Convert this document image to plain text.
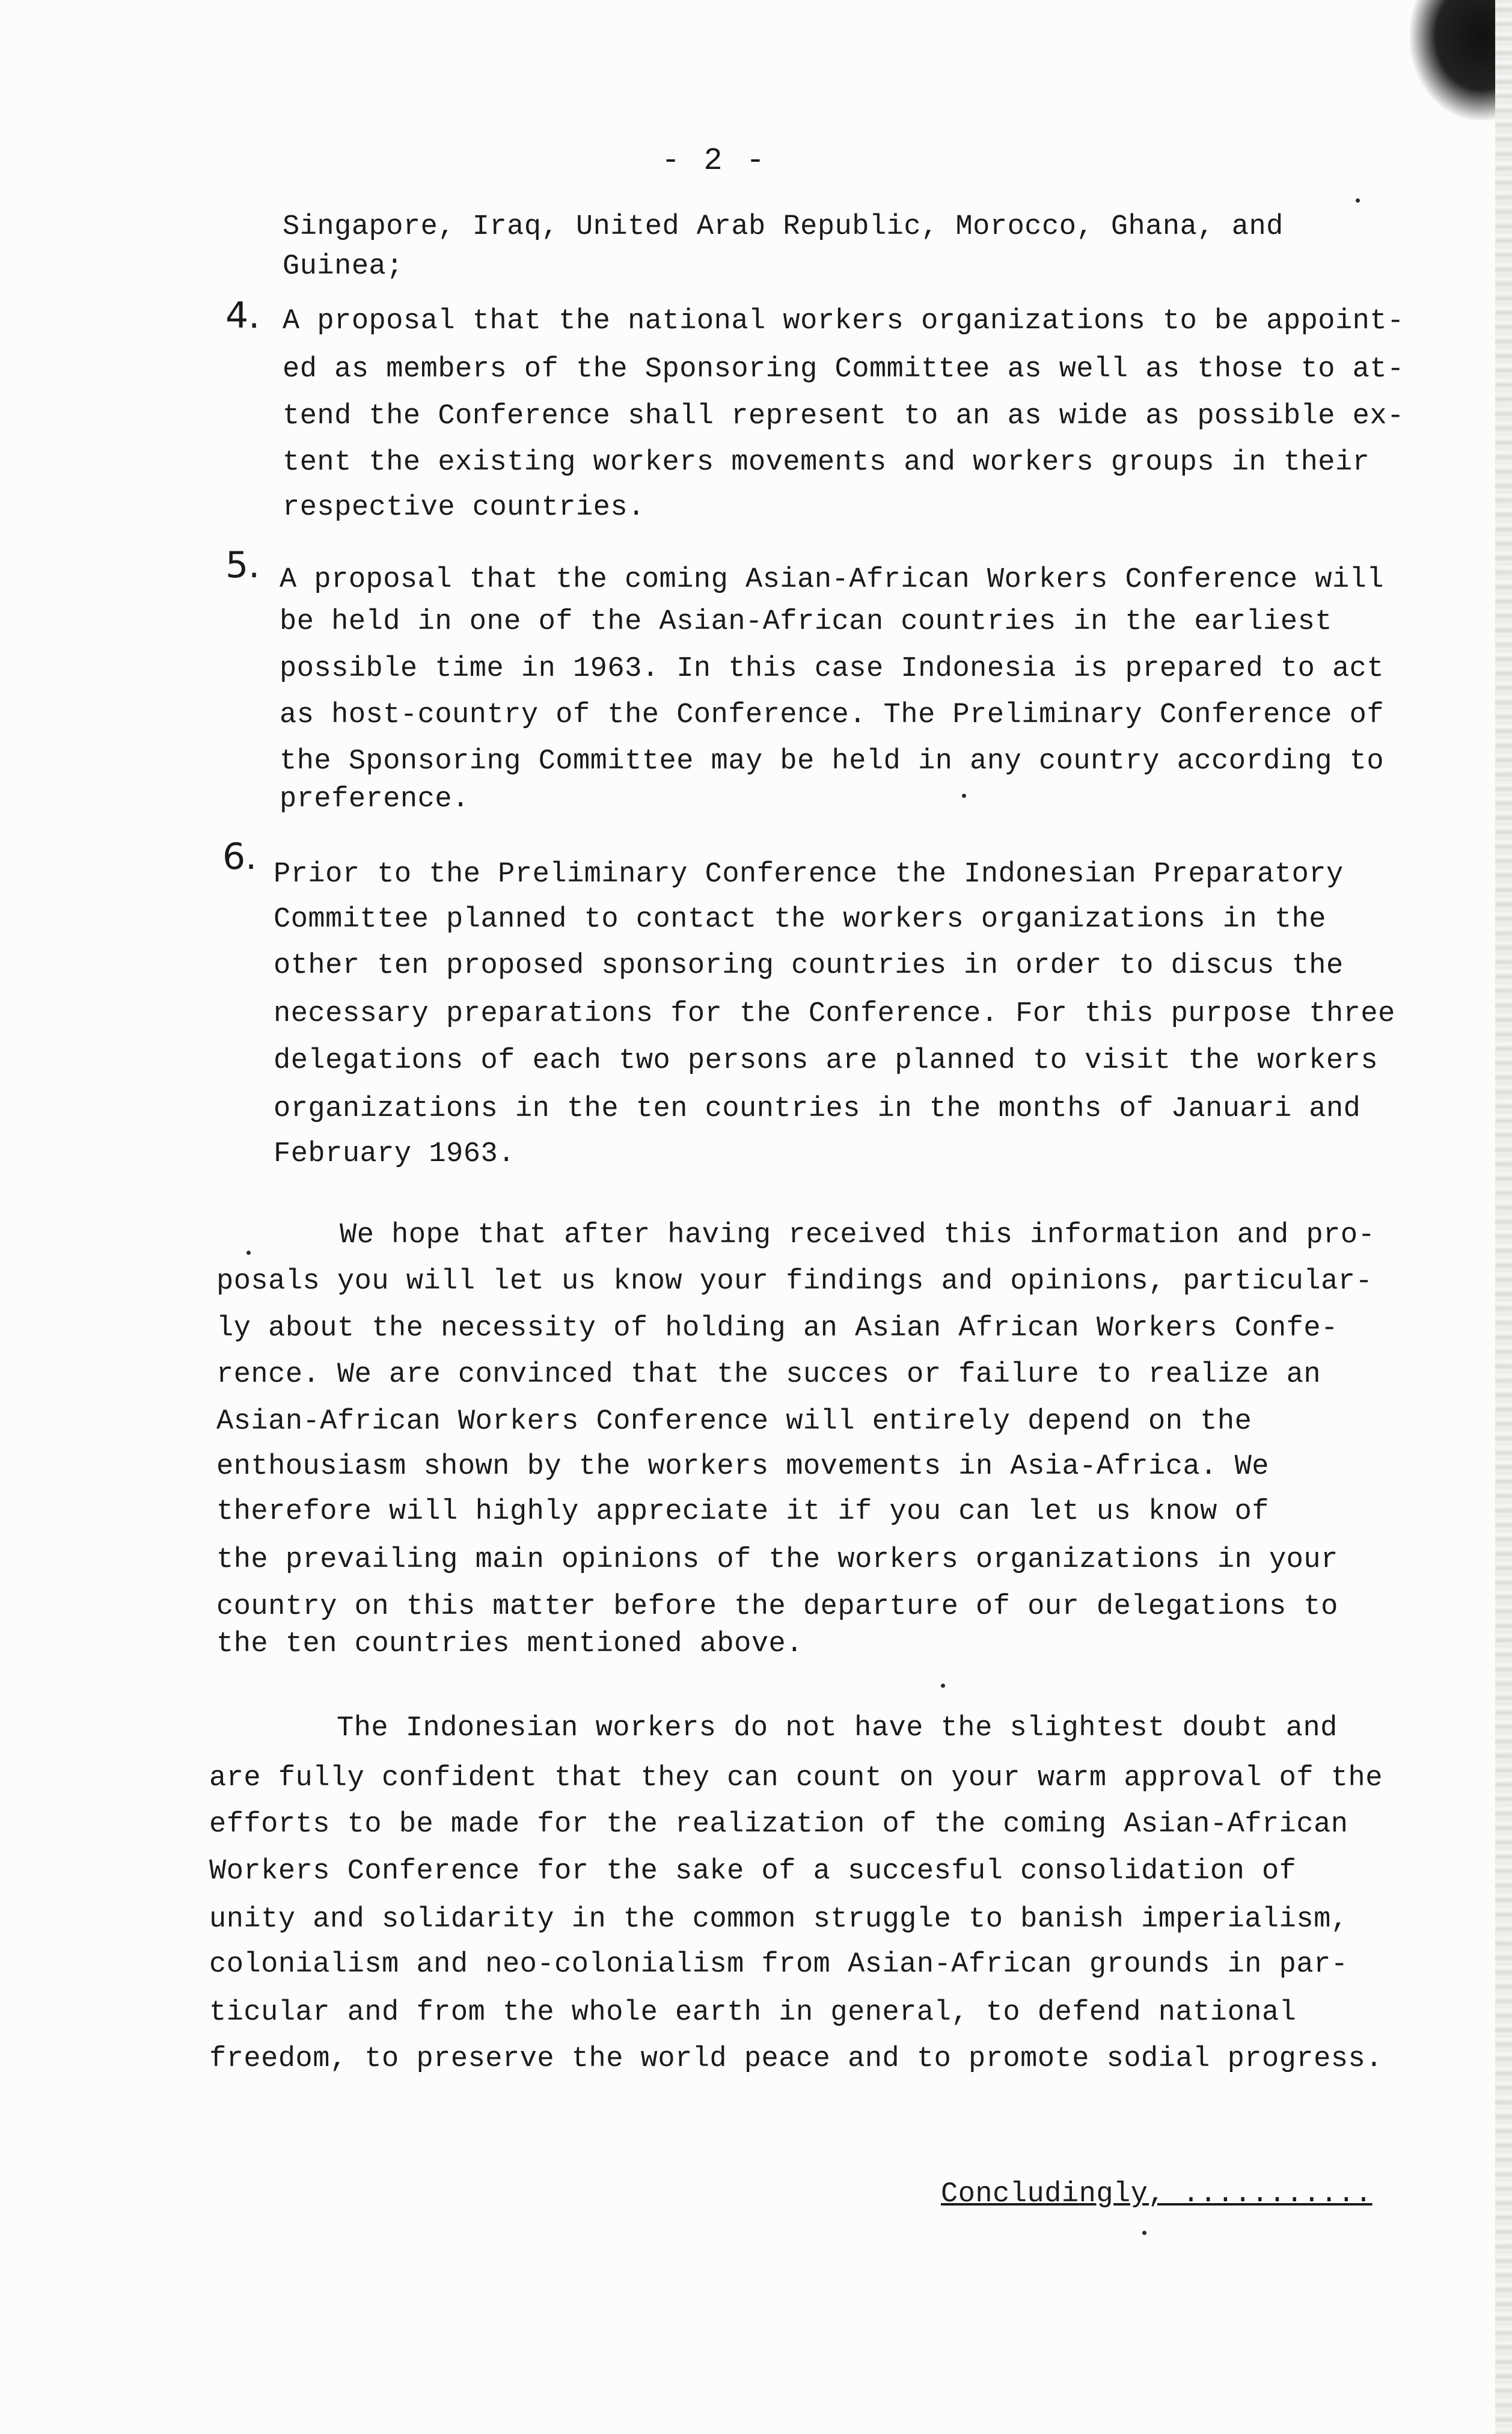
- 2 -
Singapore, Iraq, United Arab Republic, Morocco, Ghana, and
Guinea;
4. A proposal that the national workers organizations to be appoint-
ed as members of the Sponsoring Committee as well as those to at-
tend the Conference shall represent to an as wide as possible ex-
tent the existing workers movements and workers groups in their
respective countries.
5. A proposal that the coming Asian-African Workers Conference will
be held in one of the Asian-African countries in the earliest
possible time in 1963. In this case Indonesia is prepared to act
as host-country of the Conference. The Preliminary Conference of
the Sponsoring Committee may be held in any country according to
preference.
6. Prior to the Preliminary Conference the Indonesian Preparatory
Committee planned to contact the workers organizations in the
other ten proposed sponsoring countries in order to discus the
necessary preparations for the Conference. For this purpose three
delegations of each two persons are planned to visit the workers
organizations in the ten countries in the months of Januari and
February 1963.
We hope that after having received this information and pro-
posals you will let us know your findings and opinions, particular-
ly about the necessity of holding an Asian African Workers Confe-
rence. We are convinced that the succes or failure to realize an
Asian-African Workers Conference will entirely depend on the
enthousiasm shown by the workers movements in Asia-Africa. We
therefore will highly appreciate it if you can let us know of
the prevailing main opinions of the workers organizations in your
country on this matter before the departure of our delegations to
the ten countries mentioned above.
The Indonesian workers do not have the slightest doubt and
are fully confident that they can count on your warm approval of the
efforts to be made for the realization of the coming Asian-African
Workers Conference for the sake of a succesful consolidation of
unity and solidarity in the common struggle to banish imperialism,
colonialism and neo-colonialism from Asian-African grounds in par-
ticular and from the whole earth in general, to defend national
freedom, to preserve the world peace and to promote sodial progress.
Concludingly, ...........
